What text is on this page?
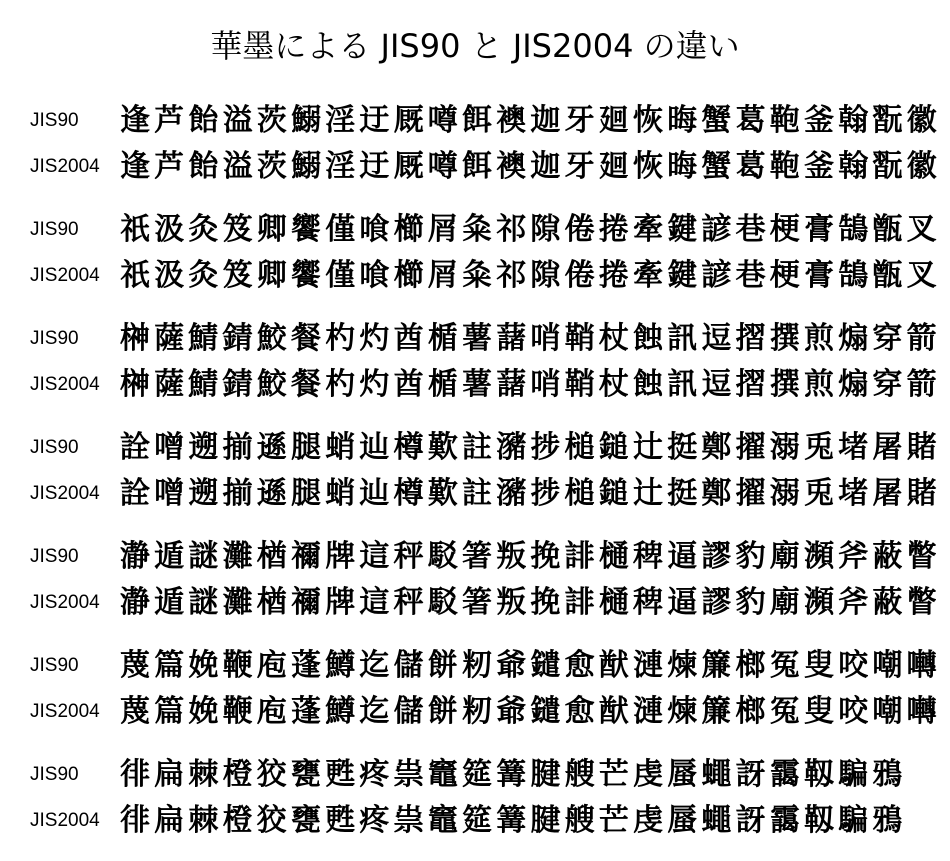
華墨による JIS90 と JIS2004 の違い
JIS90 逢芦飴溢茨鰯淫迂厩噂餌襖迦牙廻恢晦蟹葛鞄釜翰翫徽
JIS2004 逢芦飴溢茨鰯淫迂厩噂餌襖迦牙廻恢晦蟹葛鞄釜翰翫徽
JIS90 祇汲灸笈卿饗僅喰櫛屑粂祁隙倦捲牽鍵諺巷梗膏鵠甑叉
JIS2004 祇汲灸笈卿饗僅喰櫛屑粂祁隙倦捲牽鍵諺巷梗膏鵠甑叉
JIS90 榊薩鯖錆鮫餐杓灼酋楯薯藷哨鞘杖蝕訊逗摺撰煎煽穿箭
JIS2004 榊薩鯖錆鮫餐杓灼酋楯薯藷哨鞘杖蝕訊逗摺撰煎煽穿箭
JIS90 詮噌遡揃遜腿蛸辿樽歎註瀦捗槌鎚辻挺鄭擢溺兎堵屠賭
JIS2004 詮噌遡揃遜腿蛸辿樽歎註瀦捗槌鎚辻挺鄭擢溺兎堵屠賭
JIS90 瀞遁謎灘楢禰牌這秤駁箸叛挽誹樋稗逼謬豹廟瀕斧蔽瞥
JIS2004 瀞遁謎灘楢禰牌這秤駁箸叛挽誹樋稗逼謬豹廟瀕斧蔽瞥
JIS90 蔑篇娩鞭庖蓬鱒迄儲餅籾爺鑓愈猷漣煉簾榔冤叟咬嘲囀
JIS2004 蔑篇娩鞭庖蓬鱒迄儲餅籾爺鑓愈猷漣煉簾榔冤叟咬嘲囀
JIS90 徘扁棘橙狡甕甦疼祟竈筵篝腱艘芒虔蜃蠅訝靄靱騙鴉
JIS2004 徘扁棘橙狡甕甦疼祟竈筵篝腱艘芒虔蜃蠅訝靄靱騙鴉
